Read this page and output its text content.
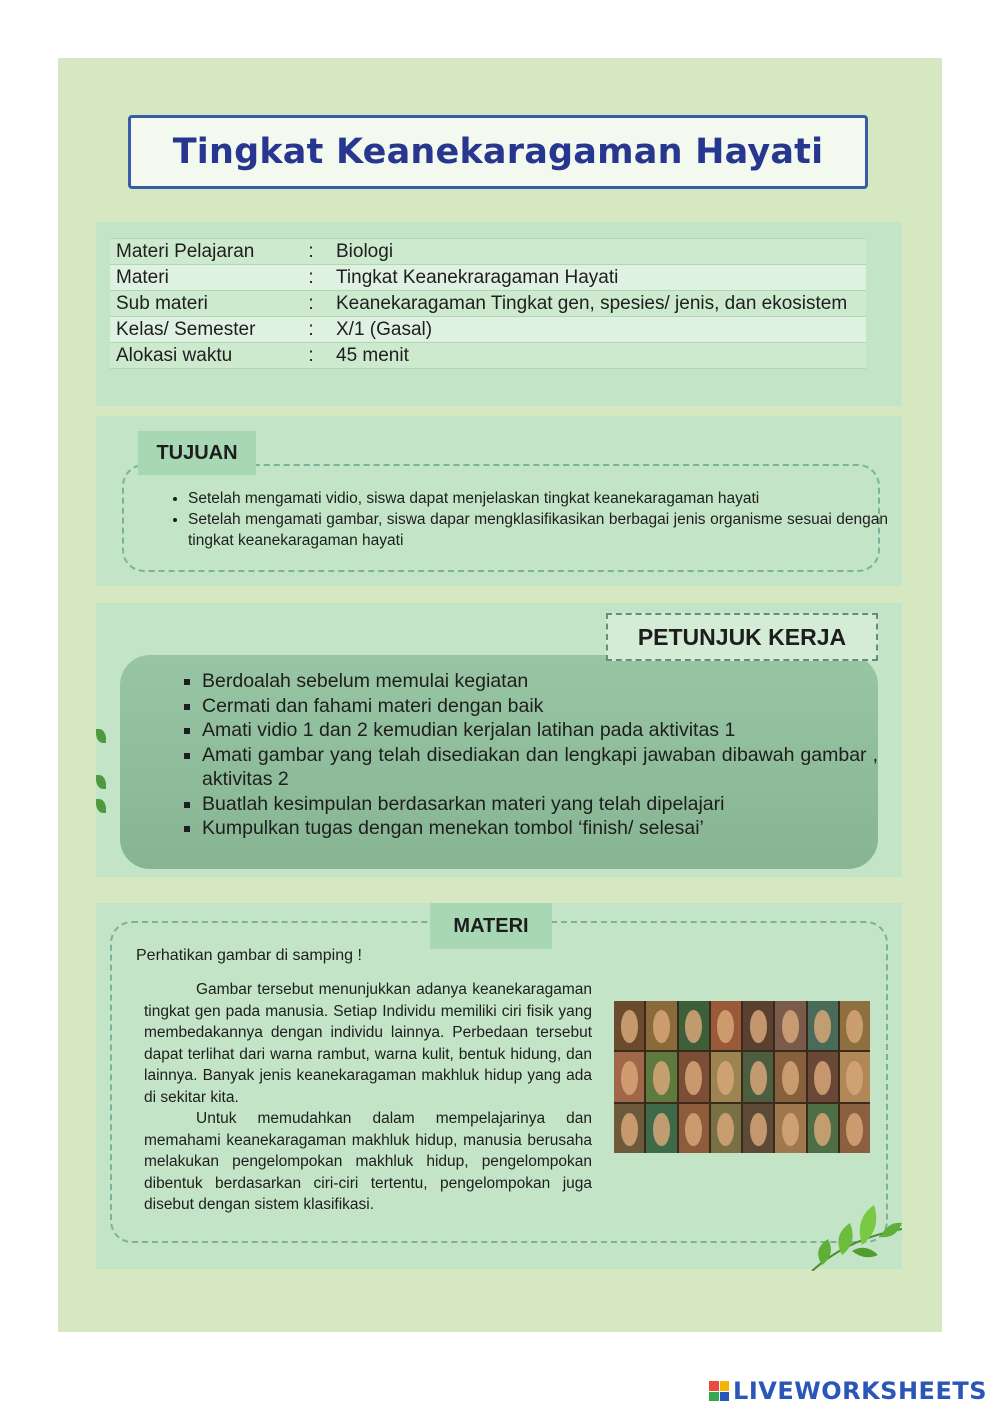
Tingkat Keanekaragaman Hayati
Materi Pelajaran	:	Biologi
Materi	:	Tingkat Keanekraragaman Hayati
Sub materi	:	Keanekaragaman Tingkat gen, spesies/ jenis, dan ekosistem
Kelas/ Semester	:	X/1 (Gasal)
Alokasi waktu	:	45 menit
TUJUAN
• Setelah mengamati vidio, siswa dapat menjelaskan tingkat keanekaragaman hayati
• Setelah mengamati gambar, siswa dapar mengklasifikasikan berbagai jenis organisme sesuai dengan tingkat keanekaragaman hayati
PETUNJUK KERJA
▪ Berdoalah sebelum memulai kegiatan
▪ Cermati dan fahami materi dengan baik
▪ Amati vidio 1 dan 2 kemudian kerjalan latihan pada aktivitas 1
▪ Amati gambar yang telah disediakan dan lengkapi jawaban dibawah gambar , aktivitas 2
▪ Buatlah kesimpulan berdasarkan materi yang telah dipelajari
▪ Kumpulkan tugas dengan menekan tombol ‘finish/ selesai’
MATERI
Perhatikan gambar di samping !

Gambar tersebut menunjukkan adanya keanekaragaman tingkat gen pada manusia. Setiap Individu memiliki ciri fisik yang membedakannya dengan individu lainnya. Perbedaan tersebut dapat terlihat dari warna rambut, warna kulit, bentuk hidung, dan lainnya. Banyak jenis keanekaragaman makhluk hidup yang ada di sekitar kita.

Untuk memudahkan dalam mempelajarinya dan memahami keanekaragaman makhluk hidup, manusia berusaha melakukan pengelompokan makhluk hidup, pengelompokan dibentuk berdasarkan ciri-ciri tertentu, pengelompokan juga disebut dengan sistem klasifikasi.

LIVEWORKSHEETS
